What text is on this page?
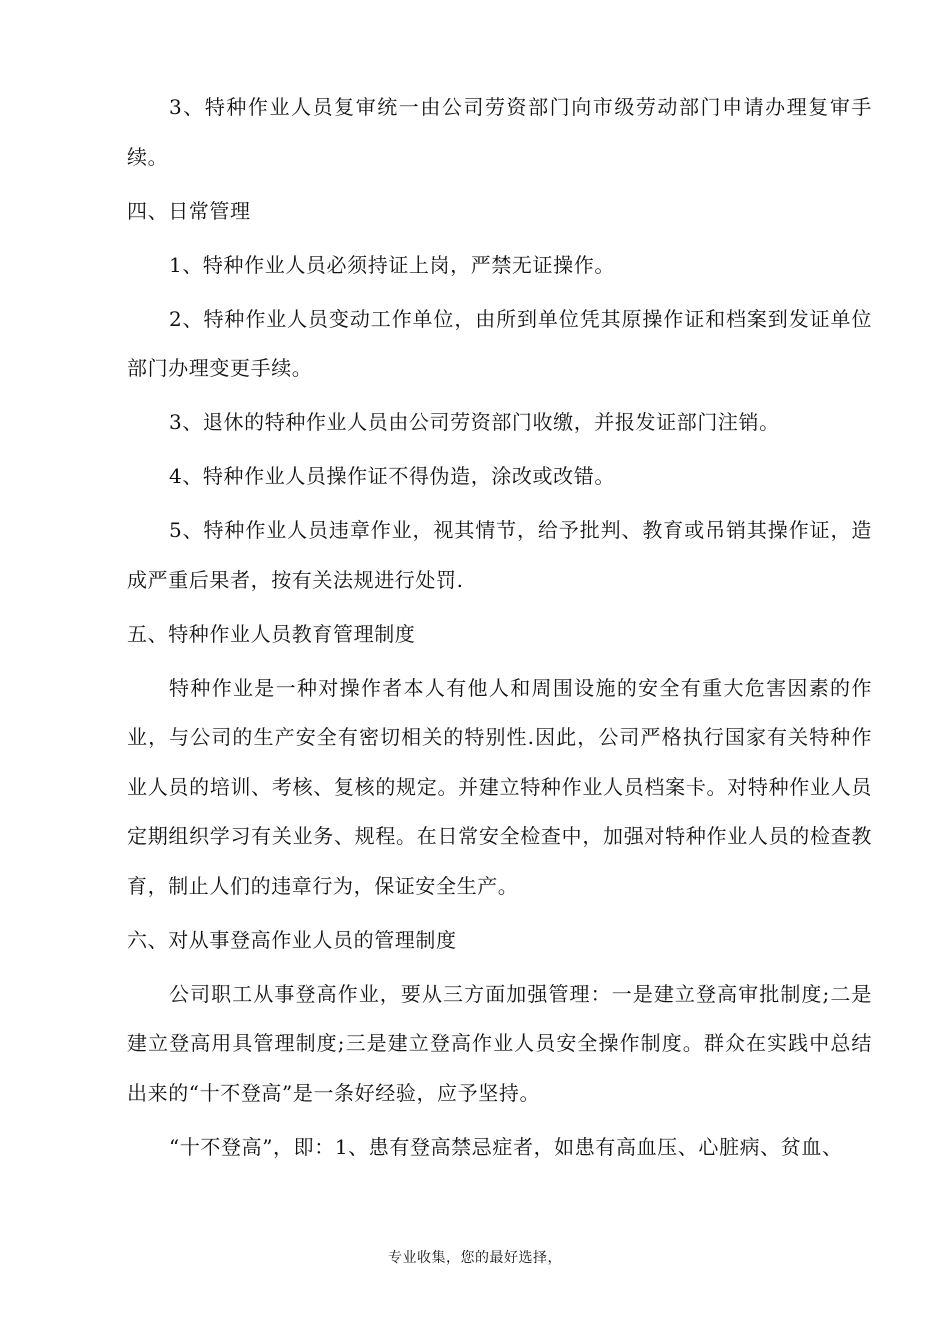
3、特种作业人员复审统一由公司劳资部门向市级劳动部门申请办理复审手续。

四、日常管理

1、特种作业人员必须持证上岗，严禁无证操作。

2、特种作业人员变动工作单位，由所到单位凭其原操作证和档案到发证单位部门办理变更手续。

3、退休的特种作业人员由公司劳资部门收缴，并报发证部门注销。

4、特种作业人员操作证不得伪造，涂改或改错。

5、特种作业人员违章作业，视其情节，给予批判、教育或吊销其操作证，造成严重后果者，按有关法规进行处罚.

五、特种作业人员教育管理制度

特种作业是一种对操作者本人有他人和周围设施的安全有重大危害因素的作业，与公司的生产安全有密切相关的特别性.因此，公司严格执行国家有关特种作业人员的培训、考核、复核的规定。并建立特种作业人员档案卡。对特种作业人员定期组织学习有关业务、规程。在日常安全检查中，加强对特种作业人员的检查教育，制止人们的违章行为，保证安全生产。

六、对从事登高作业人员的管理制度

公司职工从事登高作业，要从三方面加强管理：一是建立登高审批制度;二是建立登高用具管理制度;三是建立登高作业人员安全操作制度。群众在实践中总结出来的“十不登高”是一条好经验，应予坚持。

“十不登高”，即：1、患有登高禁忌症者，如患有高血压、心脏病、贫血、

专业收集，您的最好选择，
